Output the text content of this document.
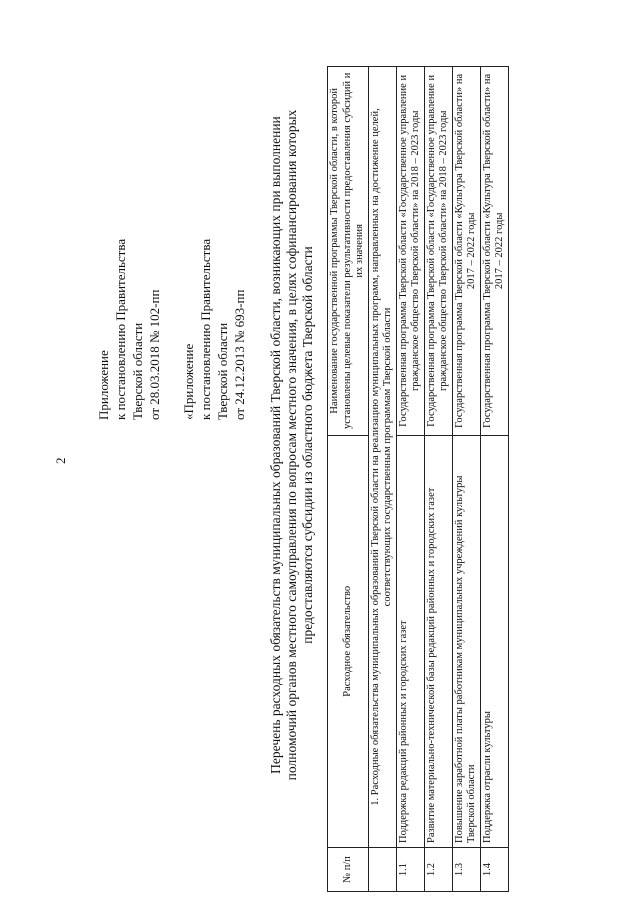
2
Приложение к постановлению Правительства Тверской области от 28.03.2018 № 102-пп «Приложение к постановлению Правительства Тверской области от 24.12.2013 № 693-пп Перечень расходных обязательств муниципальных образований Тверской области, возникающих при выполнении полномочий органов местного самоуправления по вопросам местного значения, в целях софинансирования которых предоставляются субсидии из областного бюджета Тверской области
№ п/п	Расходное обязательство	Наименование государственной программы Тверской области, в которой установлены целевые показатели результативности предоставления субсидий и их значения
	1. Расходные обязательства муниципальных образований Тверской области на реализацию муниципальных программ, направленных на достижение целей, соответствующих государственным программам Тверской области	
1.1	Поддержка редакций районных и городских газет	Государственная программа Тверской области «Государственное управление и гражданское общество Тверской области» на 2018 – 2023 годы
1.2	Развитие материально-технической базы редакций районных и городских газет	Государственная программа Тверской области «Государственное управление и гражданское общество Тверской области» на 2018 – 2023 годы
1.3	Повышение заработной платы работникам муниципальных учреждений культуры Тверской области	Государственная программа Тверской области «Культура Тверской области» на 2017 – 2022 годы
1.4	Поддержка отрасли культуры	Государственная программа Тверской области «Культура Тверской области» на 2017 – 2022 годы
